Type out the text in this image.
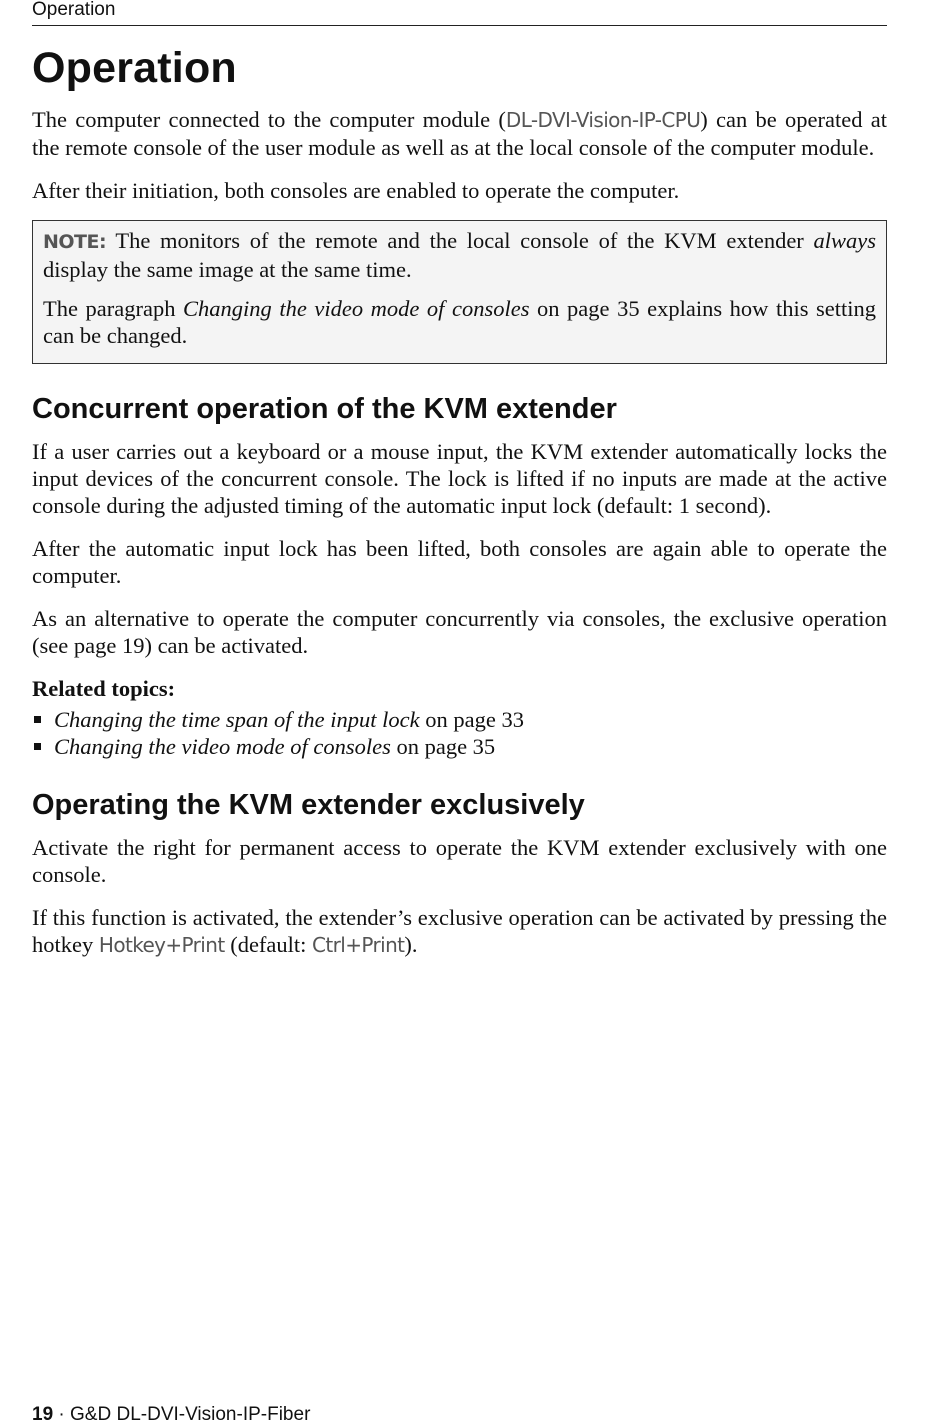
Operation
Operation

The computer connected to the computer module (DL-DVI-Vision-IP-CPU) can be operated at the remote console of the user module as well as at the local console of the computer module.

After their initiation, both consoles are enabled to operate the computer.

NOTE: The monitors of the remote and the local console of the KVM extender always display the same image at the same time.

The paragraph Changing the video mode of consoles on page 35 explains how this setting can be changed.

Concurrent operation of the KVM extender

If a user carries out a keyboard or a mouse input, the KVM extender automatically locks the input devices of the concurrent console. The lock is lifted if no inputs are made at the active console during the adjusted timing of the automatic input lock (default: 1 second).

After the automatic input lock has been lifted, both consoles are again able to operate the computer.

As an alternative to operate the computer concurrently via consoles, the exclusive operation (see page 19) can be activated.

Related topics:
Changing the time span of the input lock on page 33
Changing the video mode of consoles on page 35
Operating the KVM extender exclusively

Activate the right for permanent access to operate the KVM extender exclusively with one console.

If this function is activated, the extender’s exclusive operation can be activated by pressing the hotkey Hotkey+Print (default: Ctrl+Print).

19 · G&D DL-DVI-Vision-IP-Fiber
